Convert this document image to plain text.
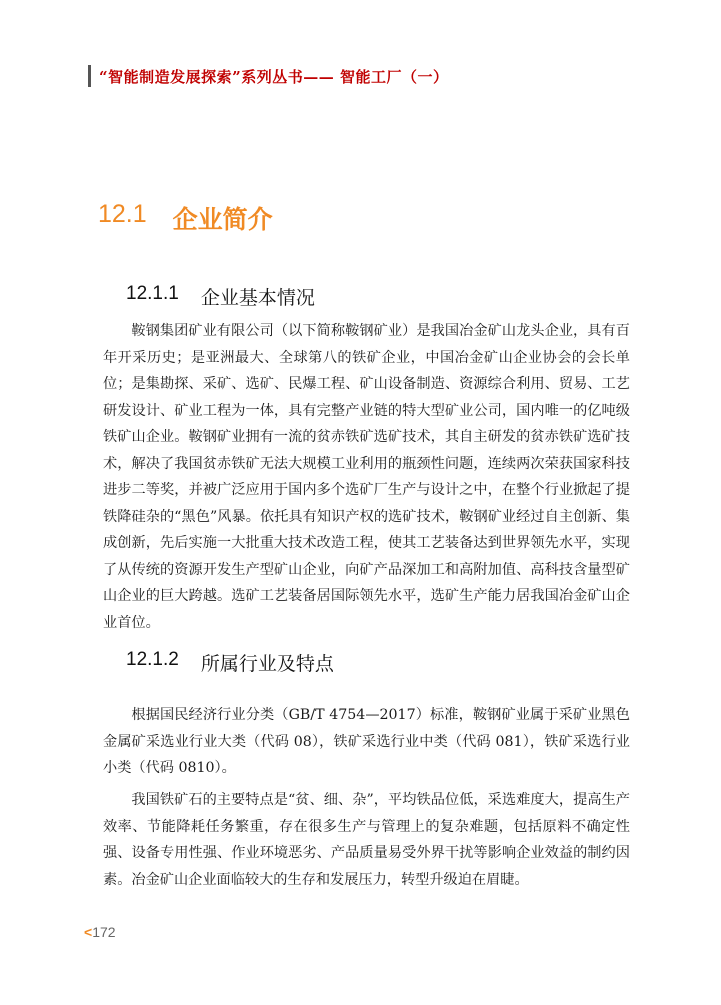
“智能制造发展探索”系列丛书—— 智能工厂（一）
12.1 企业简介
12.1.1 企业基本情况

鞍钢集团矿业有限公司（以下简称鞍钢矿业）是我国冶金矿山龙头企业，具有百年开采历史；是亚洲最大、全球第八的铁矿企业，中国冶金矿山企业协会的会长单位；是集勘探、采矿、选矿、民爆工程、矿山设备制造、资源综合利用、贸易、工艺研发设计、矿业工程为一体，具有完整产业链的特大型矿业公司，国内唯一的亿吨级铁矿山企业。鞍钢矿业拥有一流的贫赤铁矿选矿技术，其自主研发的贫赤铁矿选矿技术，解决了我国贫赤铁矿无法大规模工业利用的瓶颈性问题，连续两次荣获国家科技进步二等奖，并被广泛应用于国内多个选矿厂生产与设计之中，在整个行业掀起了提铁降硅杂的“黑色”风暴。依托具有知识产权的选矿技术，鞍钢矿业经过自主创新、集成创新，先后实施一大批重大技术改造工程，使其工艺装备达到世界领先水平，实现了从传统的资源开发生产型矿山企业，向矿产品深加工和高附加值、高科技含量型矿山企业的巨大跨越。选矿工艺装备居国际领先水平，选矿生产能力居我国冶金矿山企业首位。

12.1.2 所属行业及特点

根据国民经济行业分类（GB/T 4754—2017）标准，鞍钢矿业属于采矿业黑色金属矿采选业行业大类（代码 08），铁矿采选行业中类（代码 081），铁矿采选行业小类（代码 0810）。

我国铁矿石的主要特点是“贫、细、杂”，平均铁品位低，采选难度大，提高生产效率、节能降耗任务繁重，存在很多生产与管理上的复杂难题，包括原料不确定性强、设备专用性强、作业环境恶劣、产品质量易受外界干扰等影响企业效益的制约因素。冶金矿山企业面临较大的生存和发展压力，转型升级迫在眉睫。

<172
